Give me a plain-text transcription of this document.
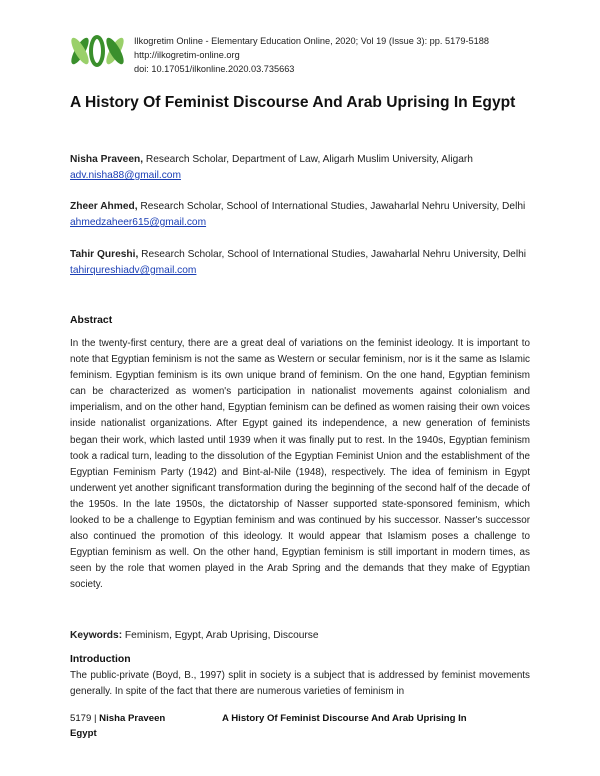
Ilkogretim Online - Elementary Education Online, 2020; Vol 19 (Issue 3): pp. 5179-5188
http://ilkogretim-online.org
doi: 10.17051/ilkonline.2020.03.735663
A History Of Feminist Discourse And Arab Uprising In Egypt
Nisha Praveen, Research Scholar, Department of Law, Aligarh Muslim University, Aligarh
adv.nisha88@gmail.com
Zheer Ahmed, Research Scholar, School of International Studies, Jawaharlal Nehru University, Delhi ahmedzaheer615@gmail.com
Tahir Qureshi, Research Scholar, School of International Studies, Jawaharlal Nehru University, Delhi tahirqureshiadv@gmail.com
Abstract
In the twenty-first century, there are a great deal of variations on the feminist ideology. It is important to note that Egyptian feminism is not the same as Western or secular feminism, nor is it the same as Islamic feminism. Egyptian feminism is its own unique brand of feminism. On the one hand, Egyptian feminism can be characterized as women's participation in nationalist movements against colonialism and imperialism, and on the other hand, Egyptian feminism can be defined as women raising their own voices inside nationalist organizations. After Egypt gained its independence, a new generation of feminists began their work, which lasted until 1939 when it was finally put to rest. In the 1940s, Egyptian feminism took a radical turn, leading to the dissolution of the Egyptian Feminist Union and the establishment of the Egyptian Feminism Party (1942) and Bint-al-Nile (1948), respectively. The idea of feminism in Egypt underwent yet another significant transformation during the beginning of the second half of the decade of the 1950s. In the late 1950s, the dictatorship of Nasser supported state-sponsored feminism, which looked to be a challenge to Egyptian feminism and was continued by his successor. Nasser's successor also continued the promotion of this ideology. It would appear that Islamism poses a challenge to Egyptian feminism as well. On the other hand, Egyptian feminism is still important in modern times, as seen by the role that women played in the Arab Spring and the demands that they make of Egyptian society.
Keywords: Feminism, Egypt, Arab Uprising, Discourse
Introduction
The public-private (Boyd, B., 1997) split in society is a subject that is addressed by feminist movements generally. In spite of the fact that there are numerous varieties of feminism in
5179 | Nisha Praveen	A History Of Feminist Discourse And Arab Uprising In
Egypt
